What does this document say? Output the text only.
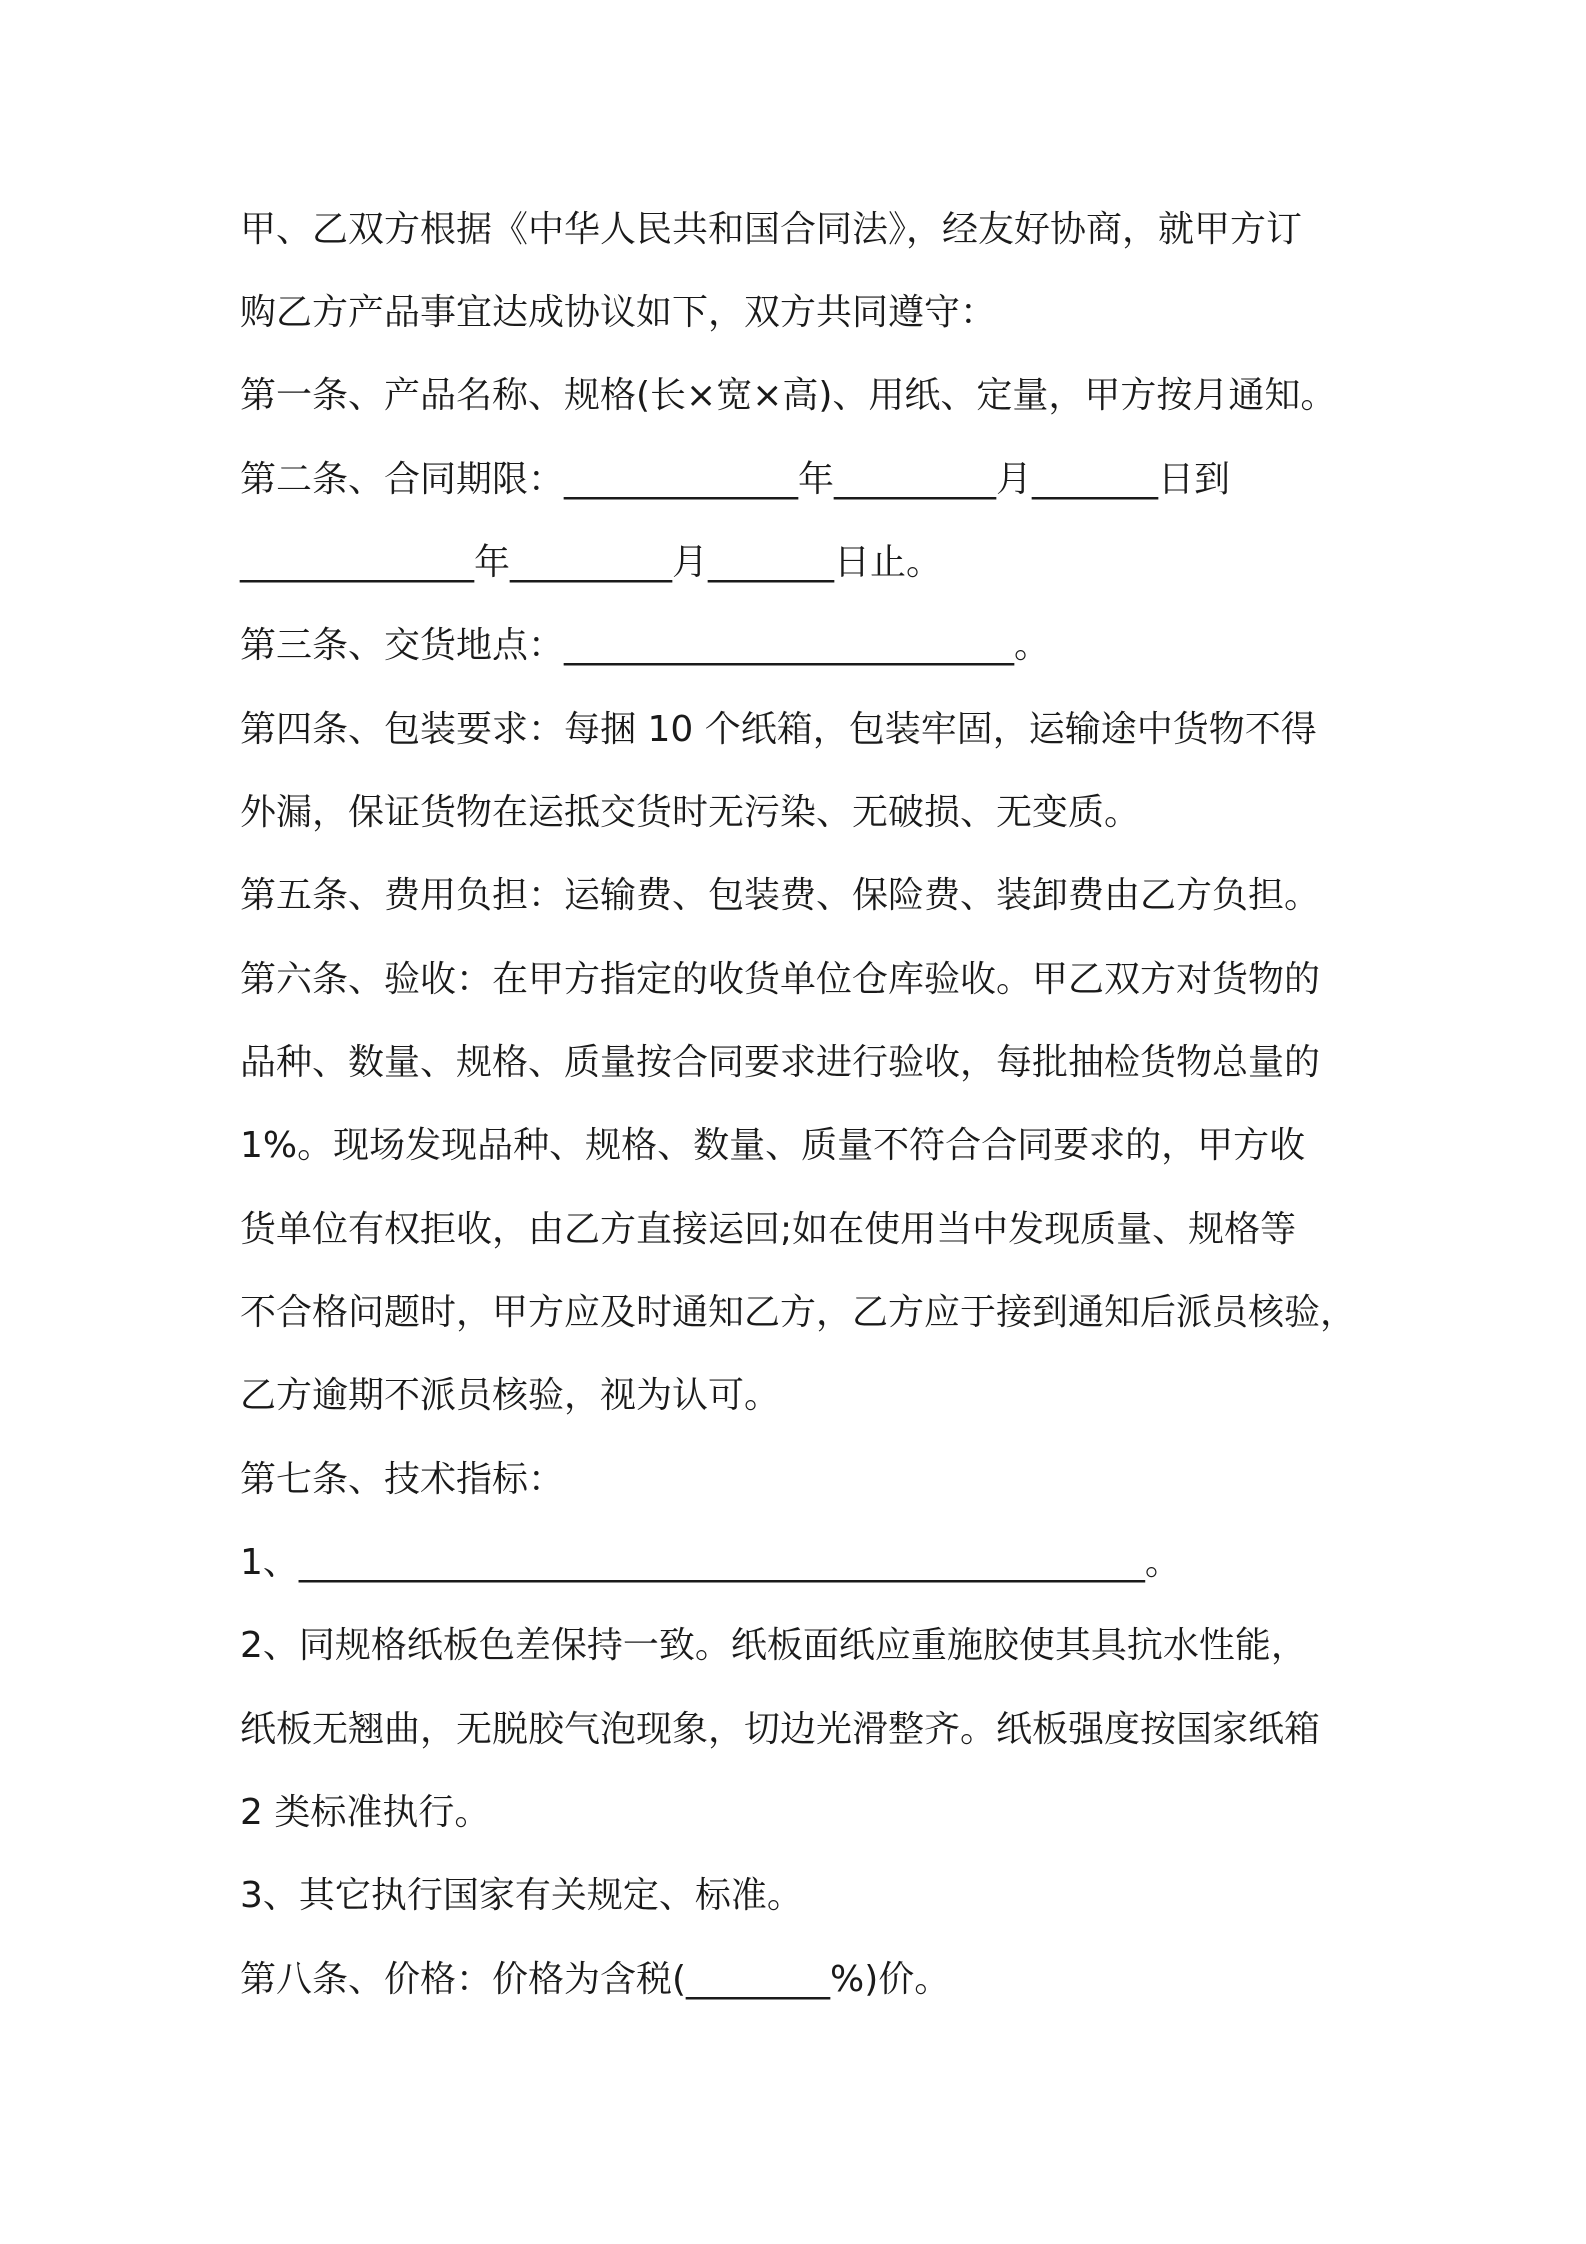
甲、乙双方根据《中华人民共和国合同法》，经友好协商，就甲方订
购乙方产品事宜达成协议如下，双方共同遵守：
第一条、产品名称、规格(长×宽×高)、用纸、定量，甲方按月通知。
第二条、合同期限：_____________年_________月_______日到
_____________年_________月_______日止。
第三条、交货地点：_________________________。
第四条、包装要求：每捆 10 个纸箱，包装牢固，运输途中货物不得
外漏，保证货物在运抵交货时无污染、无破损、无变质。
第五条、费用负担：运输费、包装费、保险费、装卸费由乙方负担。
第六条、验收：在甲方指定的收货单位仓库验收。甲乙双方对货物的
品种、数量、规格、质量按合同要求进行验收，每批抽检货物总量的
1%。现场发现品种、规格、数量、质量不符合合同要求的，甲方收
货单位有权拒收，由乙方直接运回;如在使用当中发现质量、规格等
不合格问题时，甲方应及时通知乙方，乙方应于接到通知后派员核验，
乙方逾期不派员核验，视为认可。
第七条、技术指标：
1、_______________________________________________。
2、同规格纸板色差保持一致。纸板面纸应重施胶使其具抗水性能，
纸板无翘曲，无脱胶气泡现象，切边光滑整齐。纸板强度按国家纸箱
2 类标准执行。
3、其它执行国家有关规定、标准。
第八条、价格：价格为含税(________%)价。
